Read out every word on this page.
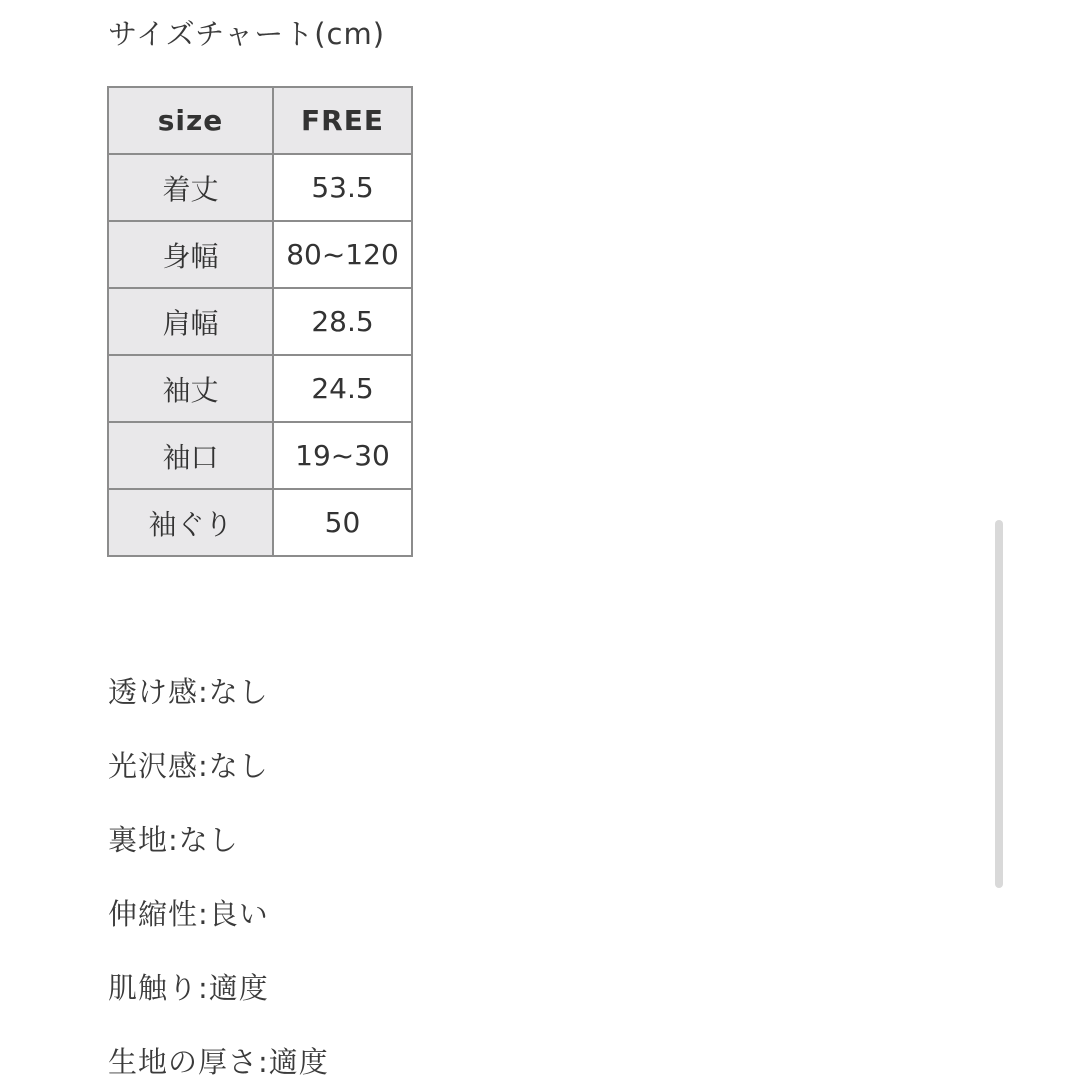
サイズチャート(cm)
size	FREE
着丈	53.5
身幅	80~120
肩幅	28.5
袖丈	24.5
袖口	19~30
袖ぐり	50
透け感:なし
光沢感:なし
裏地:なし
伸縮性:良い
肌触り:適度
生地の厚さ:適度
